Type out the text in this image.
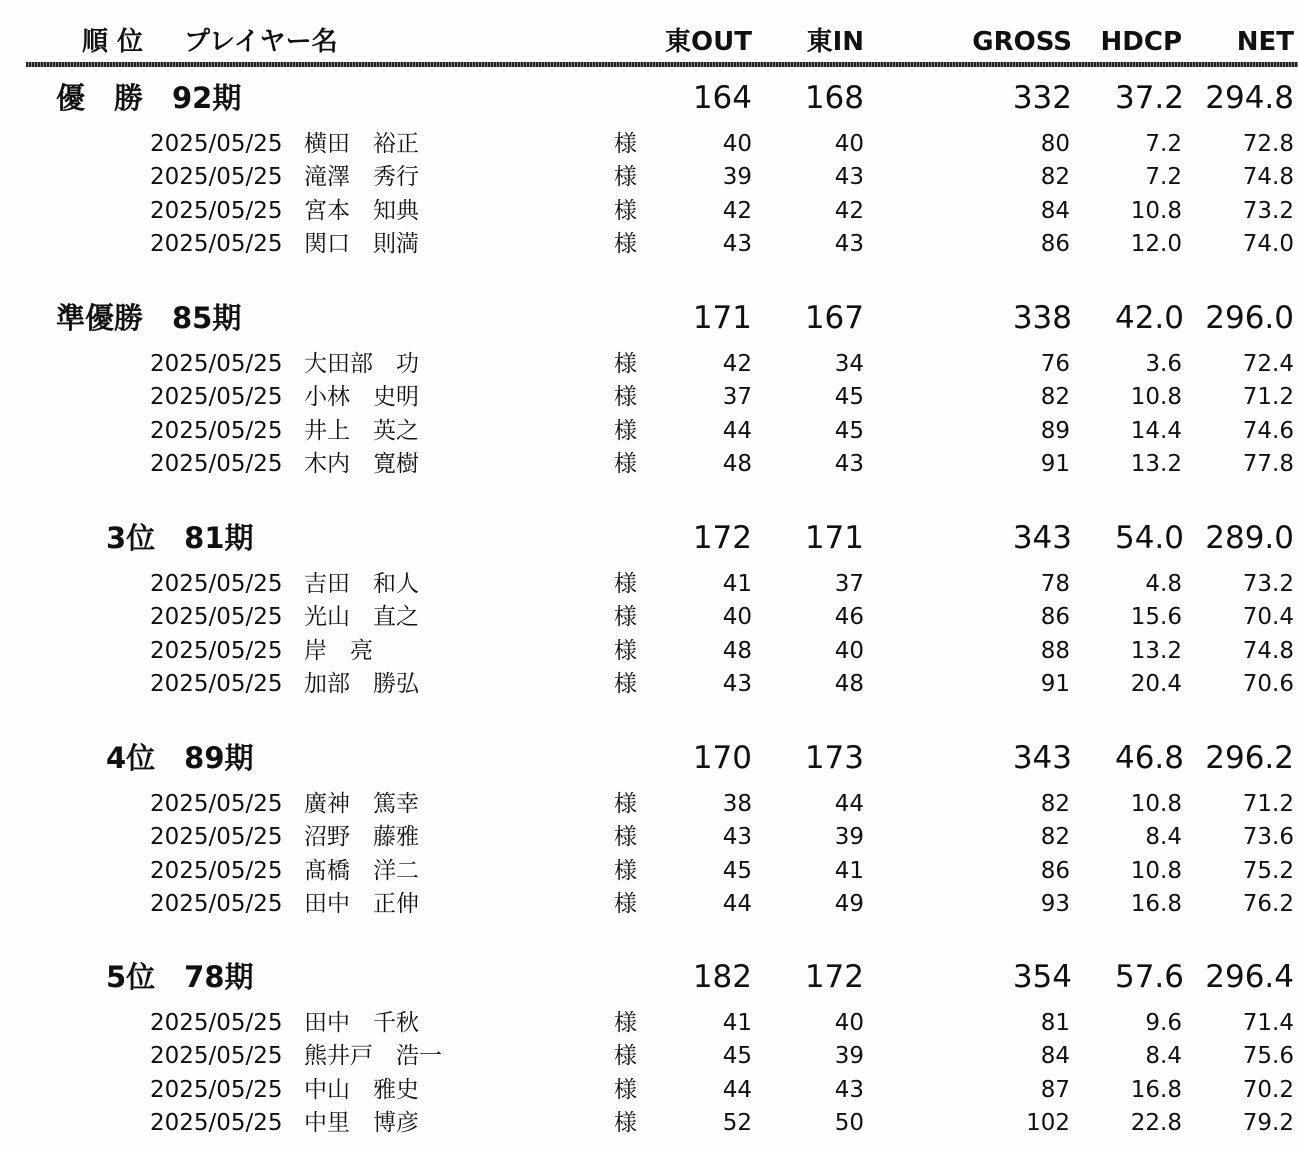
順 位 プレイヤー名	東OUT	東IN	GROSS	HDCP	NET
優　勝　92期	164	168	332	37.2 294.8
2025/05/25 横田　裕正	様	40	40	80	7.2	72.8
2025/05/25 滝澤　秀行	様	39	43	82	7.2	74.8
2025/05/25 宮本　知典	様	42	42	84	10.8	73.2
2025/05/25 関口　則満	様	43	43	86	12.0	74.0
準優勝　85期	171	167	338	42.0 296.0
2025/05/25 大田部　功	様	42	34	76	3.6	72.4
2025/05/25 小林　史明	様	37	45	82	10.8	71.2
2025/05/25 井上　英之	様	44	45	89	14.4	74.6
2025/05/25 木内　寛樹	様	48	43	91	13.2	77.8
3位　81期	172	171	343	54.0 289.0
2025/05/25 吉田　和人	様	41	37	78	4.8	73.2
2025/05/25 光山　直之	様	40	46	86	15.6	70.4
2025/05/25 岸　亮	様	48	40	88	13.2	74.8
2025/05/25 加部　勝弘	様	43	48	91	20.4	70.6
4位　89期	170	173	343	46.8 296.2
2025/05/25 廣神　篤幸	様	38	44	82	10.8	71.2
2025/05/25 沼野　藤雅	様	43	39	82	8.4	73.6
2025/05/25 髙橋　洋二	様	45	41	86	10.8	75.2
2025/05/25 田中　正伸	様	44	49	93	16.8	76.2
5位　78期	182	172	354	57.6 296.4
2025/05/25 田中　千秋	様	41	40	81	9.6	71.4
2025/05/25 熊井戸　浩一	様	45	39	84	8.4	75.6
2025/05/25 中山　雅史	様	44	43	87	16.8	70.2
2025/05/25 中里　博彦	様	52	50	102	22.8	79.2
